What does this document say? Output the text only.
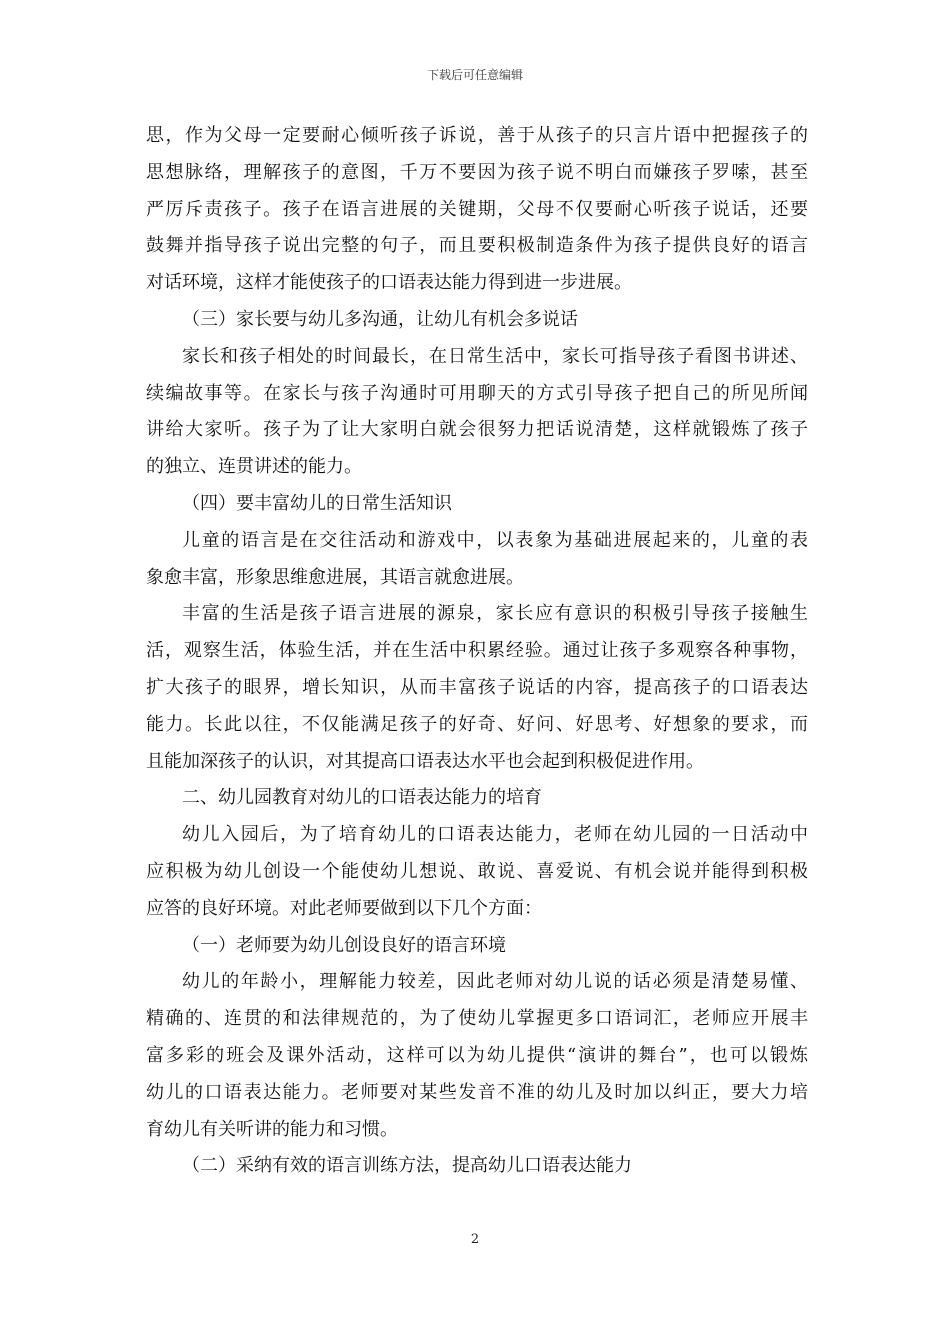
下载后可任意编辑
思，作为父母一定要耐心倾听孩子诉说，善于从孩子的只言片语中把握孩子的
思想脉络，理解孩子的意图，千万不要因为孩子说不明白而嫌孩子罗嗦，甚至
严厉斥责孩子。孩子在语言进展的关键期，父母不仅要耐心听孩子说话，还要
鼓舞并指导孩子说出完整的句子，而且要积极制造条件为孩子提供良好的语言
对话环境，这样才能使孩子的口语表达能力得到进一步进展。
（三）家长要与幼儿多沟通，让幼儿有机会多说话
家长和孩子相处的时间最长，在日常生活中，家长可指导孩子看图书讲述、
续编故事等。在家长与孩子沟通时可用聊天的方式引导孩子把自己的所见所闻
讲给大家听。孩子为了让大家明白就会很努力把话说清楚，这样就锻炼了孩子
的独立、连贯讲述的能力。
（四）要丰富幼儿的日常生活知识
儿童的语言是在交往活动和游戏中，以表象为基础进展起来的，儿童的表
象愈丰富，形象思维愈进展，其语言就愈进展。
丰富的生活是孩子语言进展的源泉，家长应有意识的积极引导孩子接触生
活，观察生活，体验生活，并在生活中积累经验。通过让孩子多观察各种事物，
扩大孩子的眼界，增长知识，从而丰富孩子说话的内容，提高孩子的口语表达
能力。长此以往，不仅能满足孩子的好奇、好问、好思考、好想象的要求，而
且能加深孩子的认识，对其提高口语表达水平也会起到积极促进作用。
二、幼儿园教育对幼儿的口语表达能力的培育
幼儿入园后，为了培育幼儿的口语表达能力，老师在幼儿园的一日活动中
应积极为幼儿创设一个能使幼儿想说、敢说、喜爱说、有机会说并能得到积极
应答的良好环境。对此老师要做到以下几个方面：
（一）老师要为幼儿创设良好的语言环境
幼儿的年龄小，理解能力较差，因此老师对幼儿说的话必须是清楚易懂、
精确的、连贯的和法律规范的，为了使幼儿掌握更多口语词汇，老师应开展丰
富多彩的班会及课外活动，这样可以为幼儿提供“演讲的舞台”，也可以锻炼
幼儿的口语表达能力。老师要对某些发音不准的幼儿及时加以纠正，要大力培
育幼儿有关听讲的能力和习惯。
（二）采纳有效的语言训练方法，提高幼儿口语表达能力
2
